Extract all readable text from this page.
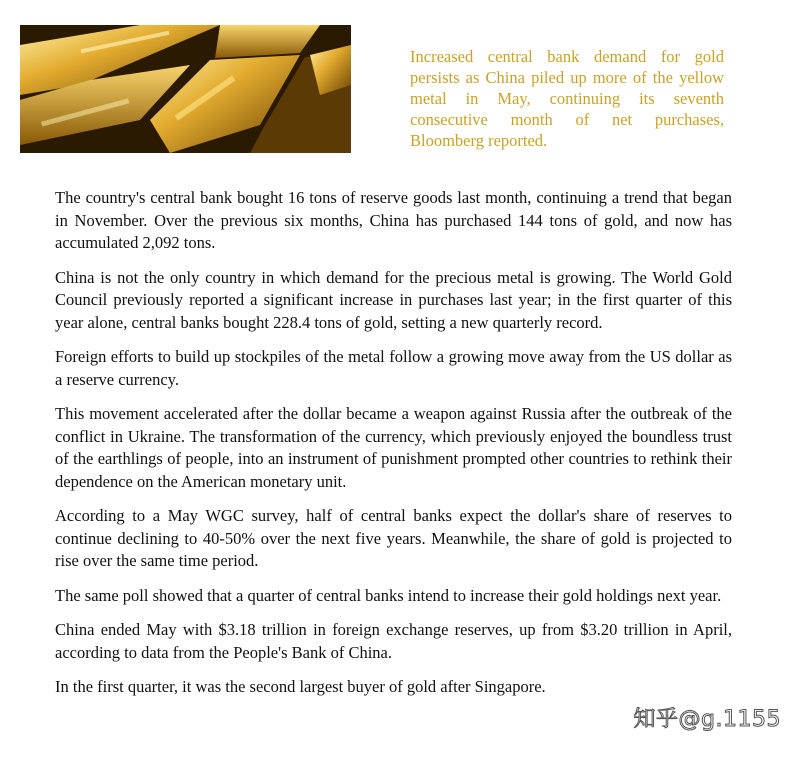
Increased central bank demand for gold persists as China piled up more of the yellow metal in May, continuing its seventh consecutive month of net purchases, Bloomberg reported.

The country's central bank bought 16 tons of reserve goods last month, continuing a trend that began in November. Over the previous six months, China has purchased 144 tons of gold, and now has accumulated 2,092 tons.

China is not the only country in which demand for the precious metal is growing. The World Gold Council previously reported a significant increase in purchases last year; in the first quarter of this year alone, central banks bought 228.4 tons of gold, setting a new quarterly record.

Foreign efforts to build up stockpiles of the metal follow a growing move away from the US dollar as a reserve currency.

This movement accelerated after the dollar became a weapon against Russia after the outbreak of the conflict in Ukraine. The transformation of the currency, which previously enjoyed the boundless trust of the earthlings of people, into an instrument of punishment prompted other countries to rethink their dependence on the American monetary unit.

According to a May WGC survey, half of central banks expect the dollar's share of reserves to continue declining to 40-50% over the next five years. Meanwhile, the share of gold is projected to rise over the same time period.

The same poll showed that a quarter of central banks intend to increase their gold holdings next year.

China ended May with $3.18 trillion in foreign exchange reserves, up from $3.20 trillion in April, according to data from the People's Bank of China.

In the first quarter, it was the second largest buyer of gold after Singapore.

知乎@g.1155
